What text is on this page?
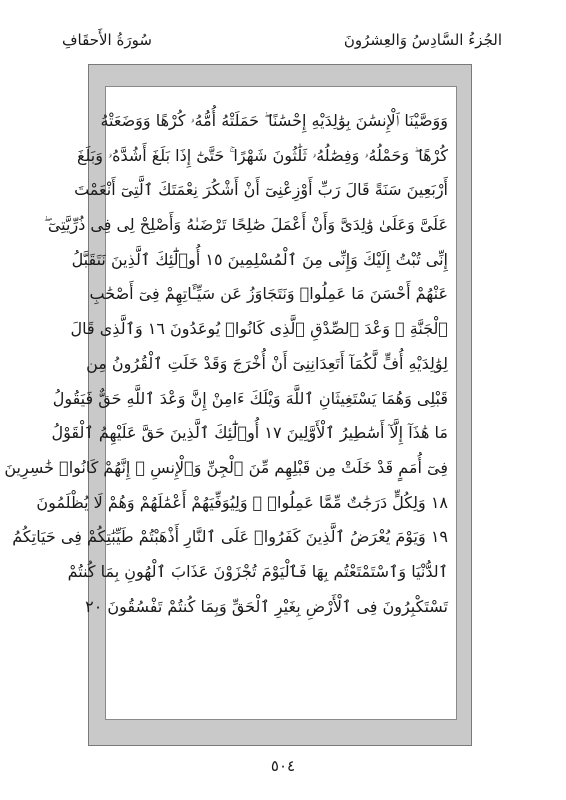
سُورَةُ الأَحقَافِ	الجُزءُ السَّادِسُ وَالعِشرُونَ
وَوَصَّيْنَا ٱلْإِنسَٰنَ بِوَٰلِدَيْهِ إِحْسَٰنًا ۖ حَمَلَتْهُ أُمُّهُۥ كُرْهًا وَوَضَعَتْهُ
كُرْهًا ۖ وَحَمْلُهُۥ وَفِصَٰلُهُۥ ثَلَٰثُونَ شَهْرًا ۚ حَتَّىٰٓ إِذَا بَلَغَ أَشُدَّهُۥ وَبَلَغَ
أَرْبَعِينَ سَنَةً قَالَ رَبِّ أَوْزِعْنِىٓ أَنْ أَشْكُرَ نِعْمَتَكَ ٱلَّتِىٓ أَنْعَمْتَ
عَلَىَّ وَعَلَىٰ وَٰلِدَىَّ وَأَنْ أَعْمَلَ صَٰلِحًا تَرْضَىٰهُ وَأَصْلِحْ لِى فِى ذُرِّيَّتِىٓ ۖ
إِنِّى تُبْتُ إِلَيْكَ وَإِنِّى مِنَ ٱلْمُسْلِمِينَ ١٥ أُو۟لَٰٓئِكَ ٱلَّذِينَ نَتَقَبَّلُ
عَنْهُمْ أَحْسَنَ مَا عَمِلُوا۟ وَنَتَجَاوَزُ عَن سَيِّـَٔاتِهِمْ فِىٓ أَصْحَٰبِ
ٱلْجَنَّةِ ۖ وَعْدَ ٱلصِّدْقِ ٱلَّذِى كَانُوا۟ يُوعَدُونَ ١٦ وَٱلَّذِى قَالَ
لِوَٰلِدَيْهِ أُفٍّ لَّكُمَآ أَتَعِدَانِنِىٓ أَنْ أُخْرَجَ وَقَدْ خَلَتِ ٱلْقُرُونُ مِن
قَبْلِى وَهُمَا يَسْتَغِيثَانِ ٱللَّهَ وَيْلَكَ ءَامِنْ إِنَّ وَعْدَ ٱللَّهِ حَقٌّ فَيَقُولُ
مَا هَٰذَآ إِلَّآ أَسَٰطِيرُ ٱلْأَوَّلِينَ ١٧ أُو۟لَٰٓئِكَ ٱلَّذِينَ حَقَّ عَلَيْهِمُ ٱلْقَوْلُ
فِىٓ أُمَمٍ قَدْ خَلَتْ مِن قَبْلِهِم مِّنَ ٱلْجِنِّ وَٱلْإِنسِ ۖ إِنَّهُمْ كَانُوا۟ خَٰسِرِينَ
١٨ وَلِكُلٍّ دَرَجَٰتٌ مِّمَّا عَمِلُوا۟ ۖ وَلِيُوَفِّيَهُمْ أَعْمَٰلَهُمْ وَهُمْ لَا يُظْلَمُونَ
١٩ وَيَوْمَ يُعْرَضُ ٱلَّذِينَ كَفَرُوا۟ عَلَى ٱلنَّارِ أَذْهَبْتُمْ طَيِّبَٰتِكُمْ فِى حَيَاتِكُمُ
ٱلدُّنْيَا وَٱسْتَمْتَعْتُم بِهَا فَٱلْيَوْمَ تُجْزَوْنَ عَذَابَ ٱلْهُونِ بِمَا كُنتُمْ
تَسْتَكْبِرُونَ فِى ٱلْأَرْضِ بِغَيْرِ ٱلْحَقِّ وَبِمَا كُنتُمْ تَفْسُقُونَ ٢٠
٥٠٤
